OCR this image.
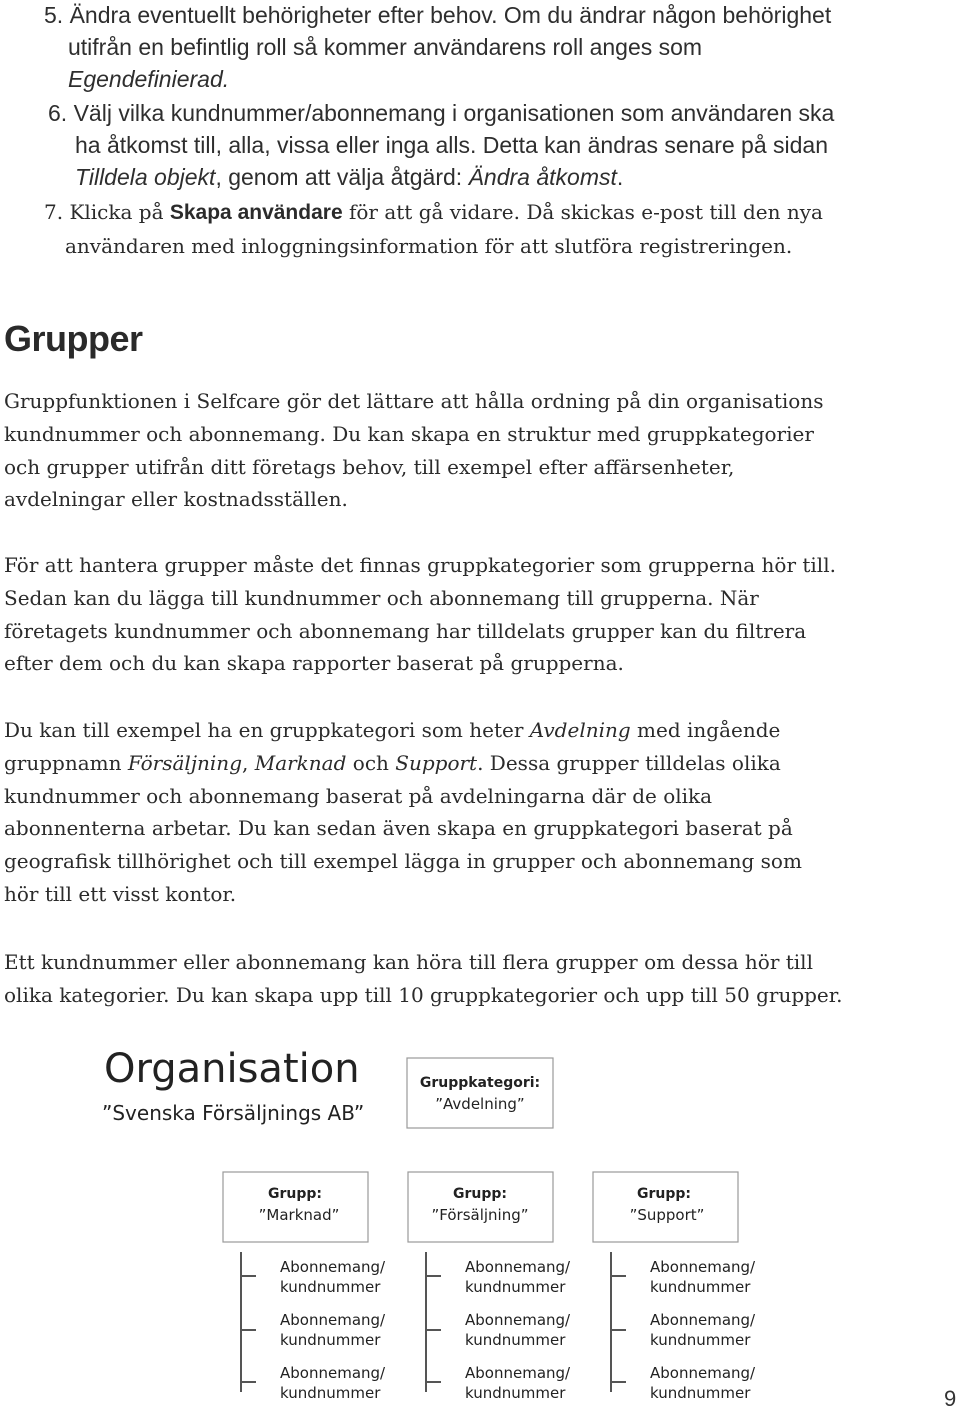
5. Ändra eventuellt behörigheter efter behov. Om du ändrar någon behörighet

utifrån en befintlig roll så kommer användarens roll anges som

Egendefinierad.

6. Välj vilka kundnummer/abonnemang i organisationen som användaren ska

ha åtkomst till, alla, vissa eller inga alls. Detta kan ändras senare på sidan

Tilldela objekt, genom att välja åtgärd: Ändra åtkomst.

7. Klicka på Skapa användare för att gå vidare. Då skickas e-post till den nya

användaren med inloggningsinformation för att slutföra registreringen.

Grupper

Gruppfunktionen i Selfcare gör det lättare att hålla ordning på din organisations

kundnummer och abonnemang. Du kan skapa en struktur med gruppkategorier

och grupper utifrån ditt företags behov, till exempel efter affärsenheter,

avdelningar eller kostnadsställen.

För att hantera grupper måste det finnas gruppkategorier som grupperna hör till.

Sedan kan du lägga till kundnummer och abonnemang till grupperna. När

företagets kundnummer och abonnemang har tilldelats grupper kan du filtrera

efter dem och du kan skapa rapporter baserat på grupperna.

Du kan till exempel ha en gruppkategori som heter Avdelning med ingående

gruppnamn Försäljning, Marknad och Support. Dessa grupper tilldelas olika

kundnummer och abonnemang baserat på avdelningarna där de olika

abonnenterna arbetar. Du kan sedan även skapa en gruppkategori baserat på

geografisk tillhörighet och till exempel lägga in grupper och abonnemang som

hör till ett visst kontor.

Ett kundnummer eller abonnemang kan höra till flera grupper om dessa hör till

olika kategorier. Du kan skapa upp till 10 gruppkategorier och upp till 50 grupper.

Organisation
”Svenska Försäljnings AB”
Gruppkategori:
”Avdelning”
Grupp:
”Marknad”
Grupp:
”Försäljning”
Grupp:
”Support”
Abonnemang/
kundnummer
Abonnemang/
kundnummer
Abonnemang/
kundnummer
Abonnemang/
kundnummer
Abonnemang/
kundnummer
Abonnemang/
kundnummer
Abonnemang/
kundnummer
Abonnemang/
kundnummer
Abonnemang/
kundnummer	9
